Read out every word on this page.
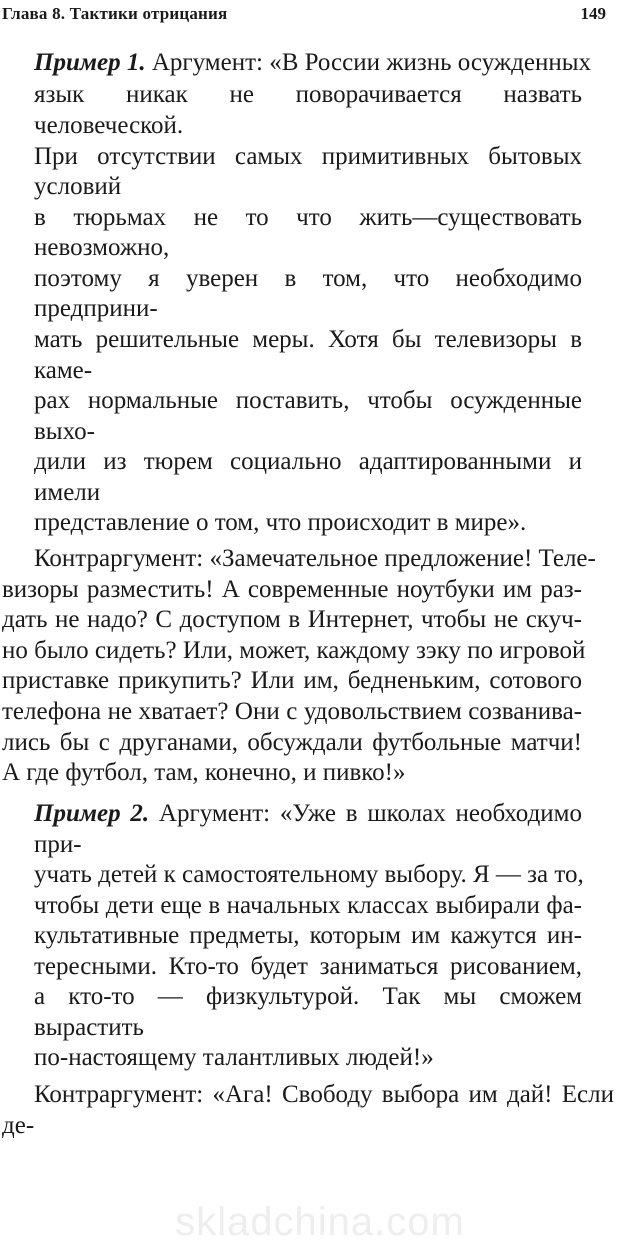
Глава 8. Тактики отрицания	149
Пример 1. Аргумент: «В России жизнь осужденных
язык никак не поворачивается назвать
человеческой.
При отсутствии самых примитивных бытовых
условий
в тюрьмах не то что жить—существовать
невозможно,
поэтому я уверен в том, что необходимо
предприни-
мать решительные меры. Хотя бы телевизоры в
каме-
рах нормальные поставить, чтобы осужденные
выхо-
дили из тюрем социально адаптированными и
имели
представление о том, что происходит в мире».
Контраргумент: «Замечательное предложение! Теле-
визоры разместить! А современные ноутбуки им раз-
дать не надо? С доступом в Интернет, чтобы не скуч-
но было сидеть? Или, может, каждому зэку по игровой
приставке прикупить? Или им, бедненьким, сотового
телефона не хватает? Они с удовольствием созванива-
лись бы с друганами, обсуждали футбольные матчи!
А где футбол, там, конечно, и пивко!»
Пример 2. Аргумент: «Уже в школах необходимо
при-
учать детей к самостоятельному выбору. Я — за то,
чтобы дети еще в начальных классах выбирали фа-
культативные предметы, которым им кажутся ин-
тересными. Кто-то будет заниматься рисованием,
а кто-то — физкультурой. Так мы сможем
вырастить
по-настоящему талантливых людей!»
Контраргумент: «Ага! Свободу выбора им дай! Если
де-
skladchina.com
